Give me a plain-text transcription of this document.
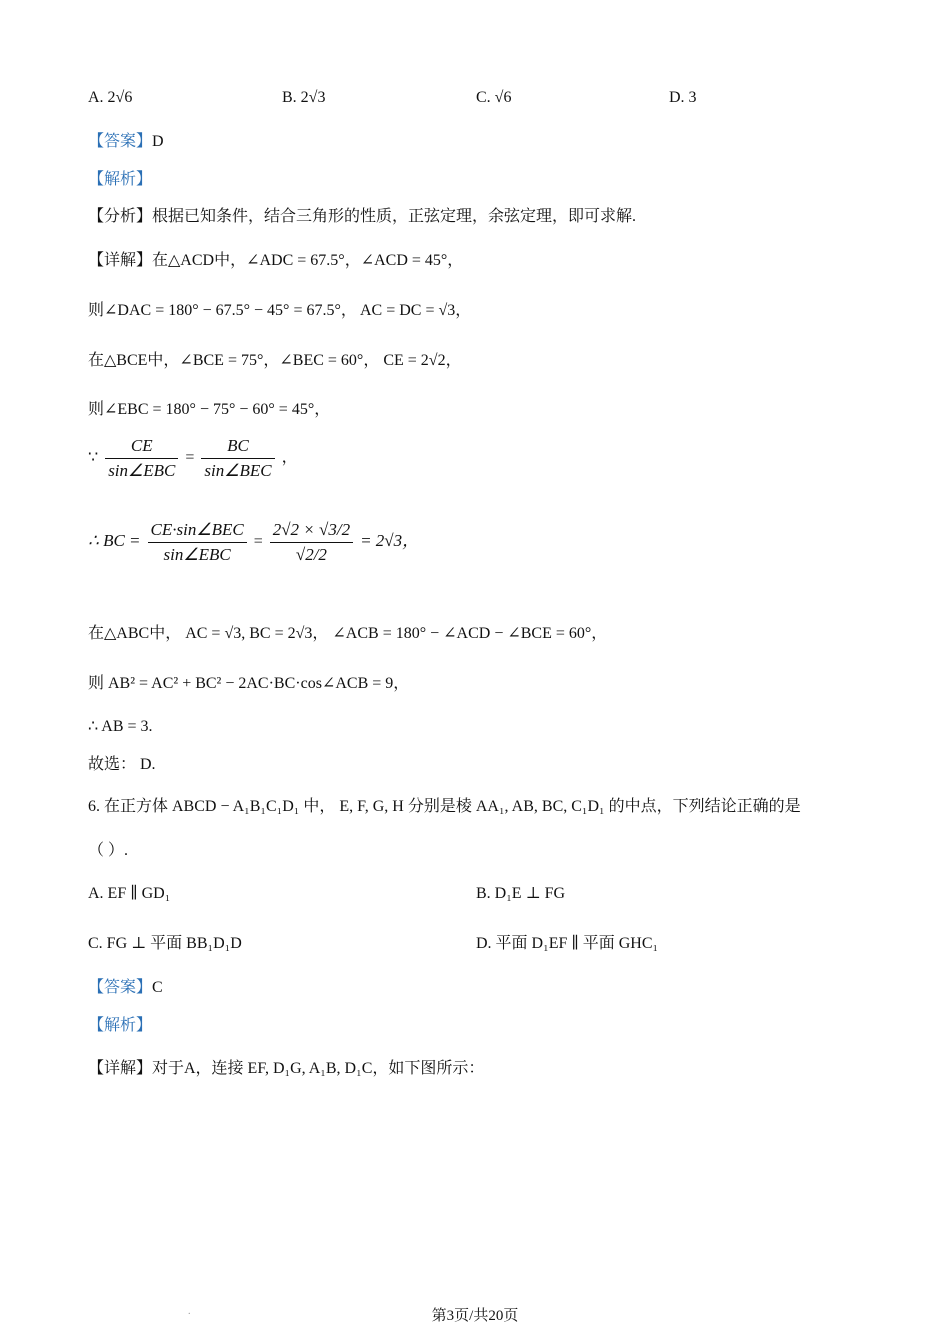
A. 2√6	B. 2√3	C. √6	D. 3
【答案】D
【解析】
【分析】根据已知条件，结合三角形的性质，正弦定理，余弦定理，即可求解.
【详解】在△ACD中，∠ADC = 67.5°，∠ACD = 45°，
则∠DAC = 180° − 67.5° − 45° = 67.5°， AC = DC = √3，
在△BCE中，∠BCE = 75°，∠BEC = 60°， CE = 2√2，
则∠EBC = 180° − 75° − 60° = 45°，
∵ $\frac{CE}{\text{sin∠EBC}} = \frac{BC}{\text{sin∠BEC}}$ ，
∴ BC = $\frac{\text{CE·sin∠BEC}}{\text{sin∠EBC}} = \frac{2√2 \times √3/2}{√2/2} = 2√3$，
在△ABC中， AC = √3, BC = 2√3， ∠ACB = 180° − ∠ACD − ∠BCE = 60°，
则 AB² = AC² + BC² − 2AC·BC·cos∠ACB = 9，
∴ AB = 3.
故选： D.
6. 在正方体 ABCD − A₁B₁C₁D₁ 中， E, F, G, H 分别是棱 AA₁, AB, BC, C₁D₁ 的中点，下列结论正确的是
（ ）.
A. EF ∥ GD₁	B. D₁E ⊥ FG
C. FG ⊥ 平面 BB₁D₁D	D. 平面 D₁EF ∥ 平面 GHC₁
【答案】C
【解析】
【详解】对于A，连接 EF, D₁G, A₁B, D₁C，如下图所示：
.	第3页/共20页
